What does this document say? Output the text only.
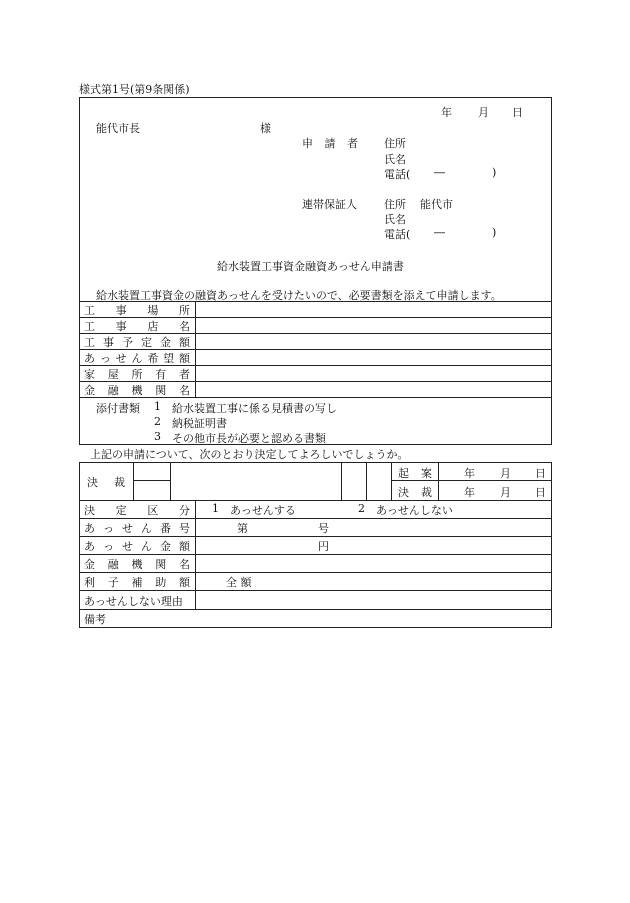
様式第1号(第9条関係)
年 月 日
能代市長	様
申 請 者 住所
氏名
電話( ―	)
連帯保証人 住所 能代市
氏名
電話( ―	)
給水装置工事資金融資あっせん申請書
給水装置工事資金の融資あっせんを受けたいので、必要書類を添えて申請します。
工 事 場 所
工 事 店 名
工 事 予 定 金 額
あ っ せ ん 希 望 額
家 屋 所 有 者
金 融 機 関 名
添付書類 1 給水装置工事に係る見積書の写し
2 納税証明書
3 その他市長が必要と認める書類
上記の申請について、次のとおり決定してよろしいでしょうか。
決 裁
起 案	年 月 日
決 裁	年 月 日
決 定 区 分 1 あっせんする	2 あっせんしない
あ っ せ ん 番 号	第	号
あ っ せ ん 金 額	円
金 融 機 関 名
利 子 補 助 額	全 額
あっせんしない理由
備考
